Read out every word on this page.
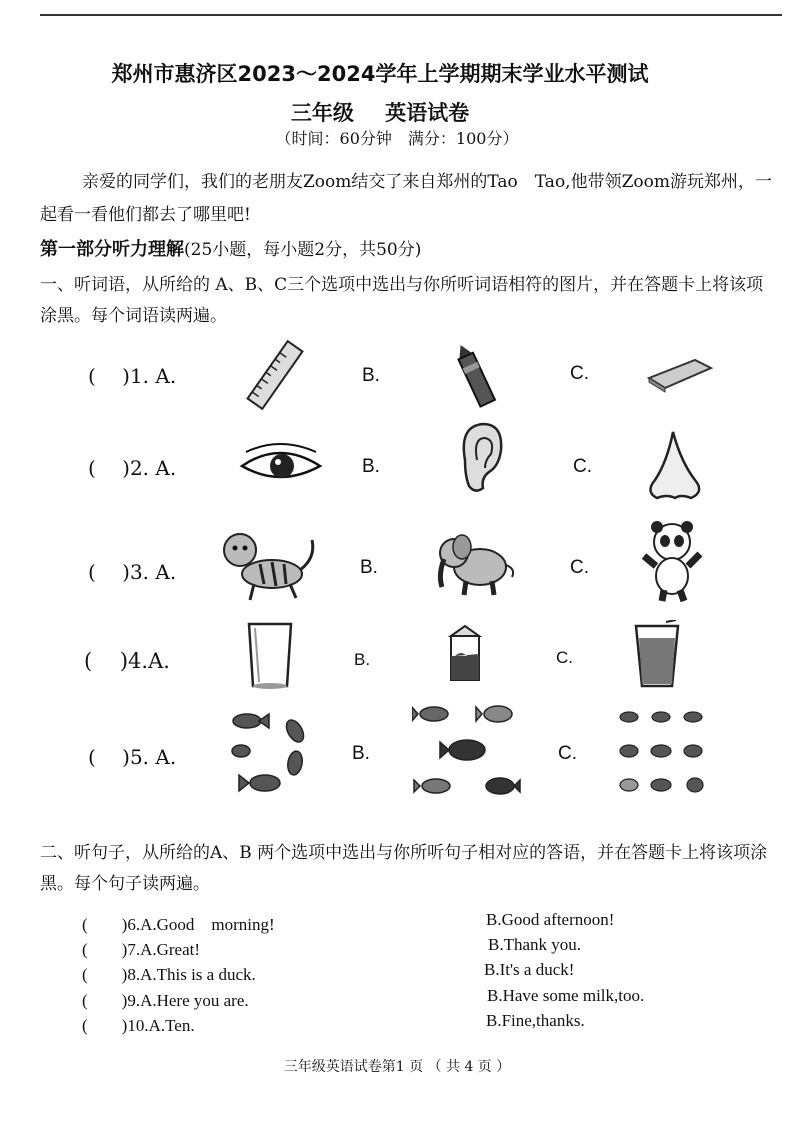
郑州市惠济区2023～2024学年上学期期末学业水平测试
三年级 英语试卷
（时间：60分钟　满分：100分）
亲爱的同学们，我们的老朋友Zoom结交了来自郑州的Tao　Tao,他带领Zoom游玩郑州，一起看一看他们都去了哪里吧!
第一部分听力理解(25小题，每小题2分，共50分)
一、听词语，从所给的 A、B、C三个选项中选出与你所听词语相符的图片，并在答题卡上将该项涂黑。每个词语读两遍。
(　 )1. A.	B.	C.
(　 )2. A.	B.	C.
(　 )3. A.	B.	C.
(　 )4.A.	B.	C.
(　 )5. A.	B.	C.
二、听句子，从所给的A、B 两个选项中选出与你所听句子相对应的答语，并在答题卡上将该项涂黑。每个句子读两遍。
(　　)6.A.Good　morning!	B.Good afternoon!
(　　)7.A.Great!	B.Thank you.
(　　)8.A.This is a duck.	B.It's a duck!
(　　)9.A.Here you are.	B.Have some milk,too.
(　　)10.A.Ten.	B.Fine,thanks.
三年级英语试卷第1 页 （ 共 4 页 ）
